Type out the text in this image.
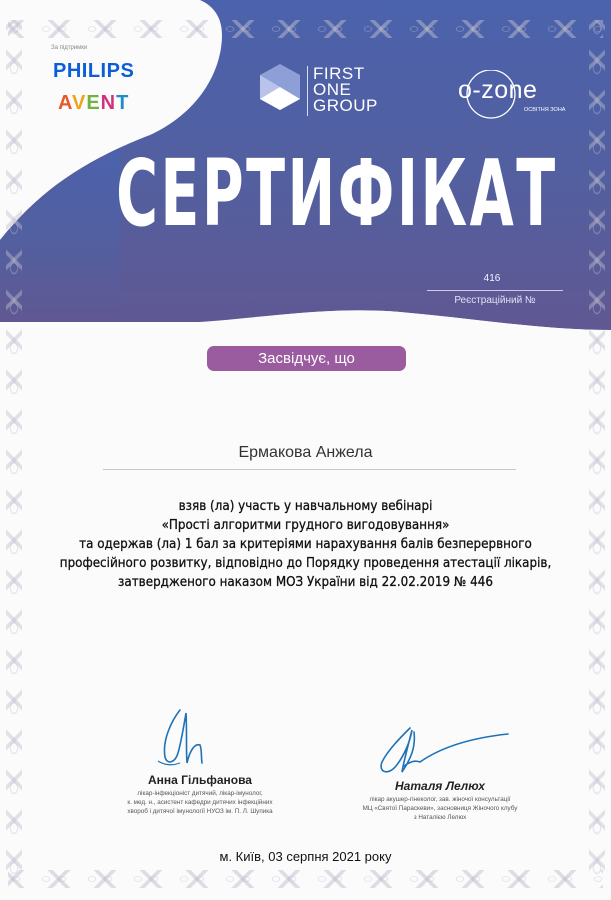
За підтримки
PHILIPS
AVENT
FIRST
ONE
GROUP
o-zone
ОСВІТНЯ ЗОНА
СЕРТИФІКАТ
416
Реєстраційний №
Засвідчує, що
Ермакова Анжела
взяв (ла) участь у навчальному вебінарі
«Прості алгоритми грудного вигодовування»
та одержав (ла) 1 бал за критеріями нарахування балів безперервного
професійного розвитку, відповідно до Порядку проведення атестації лікарів,
затвердженого наказом МОЗ України від 22.02.2019 № 446
Анна Гільфанова
лікар-інфекціоніст дитячий, лікар-імунолог,
к. мед. н., асистент кафедри дитячих інфекційних
хвороб і дитячої імунології НУОЗ ім. П. Л. Шупика
Наталя Лелюх
лікар акушер-гінеколог, зав. жіночої консультації
МЦ «Святої Параскеви», засновниця Жіночого клубу
з Наталією Лелюх
м. Київ, 03 серпня 2021 року
